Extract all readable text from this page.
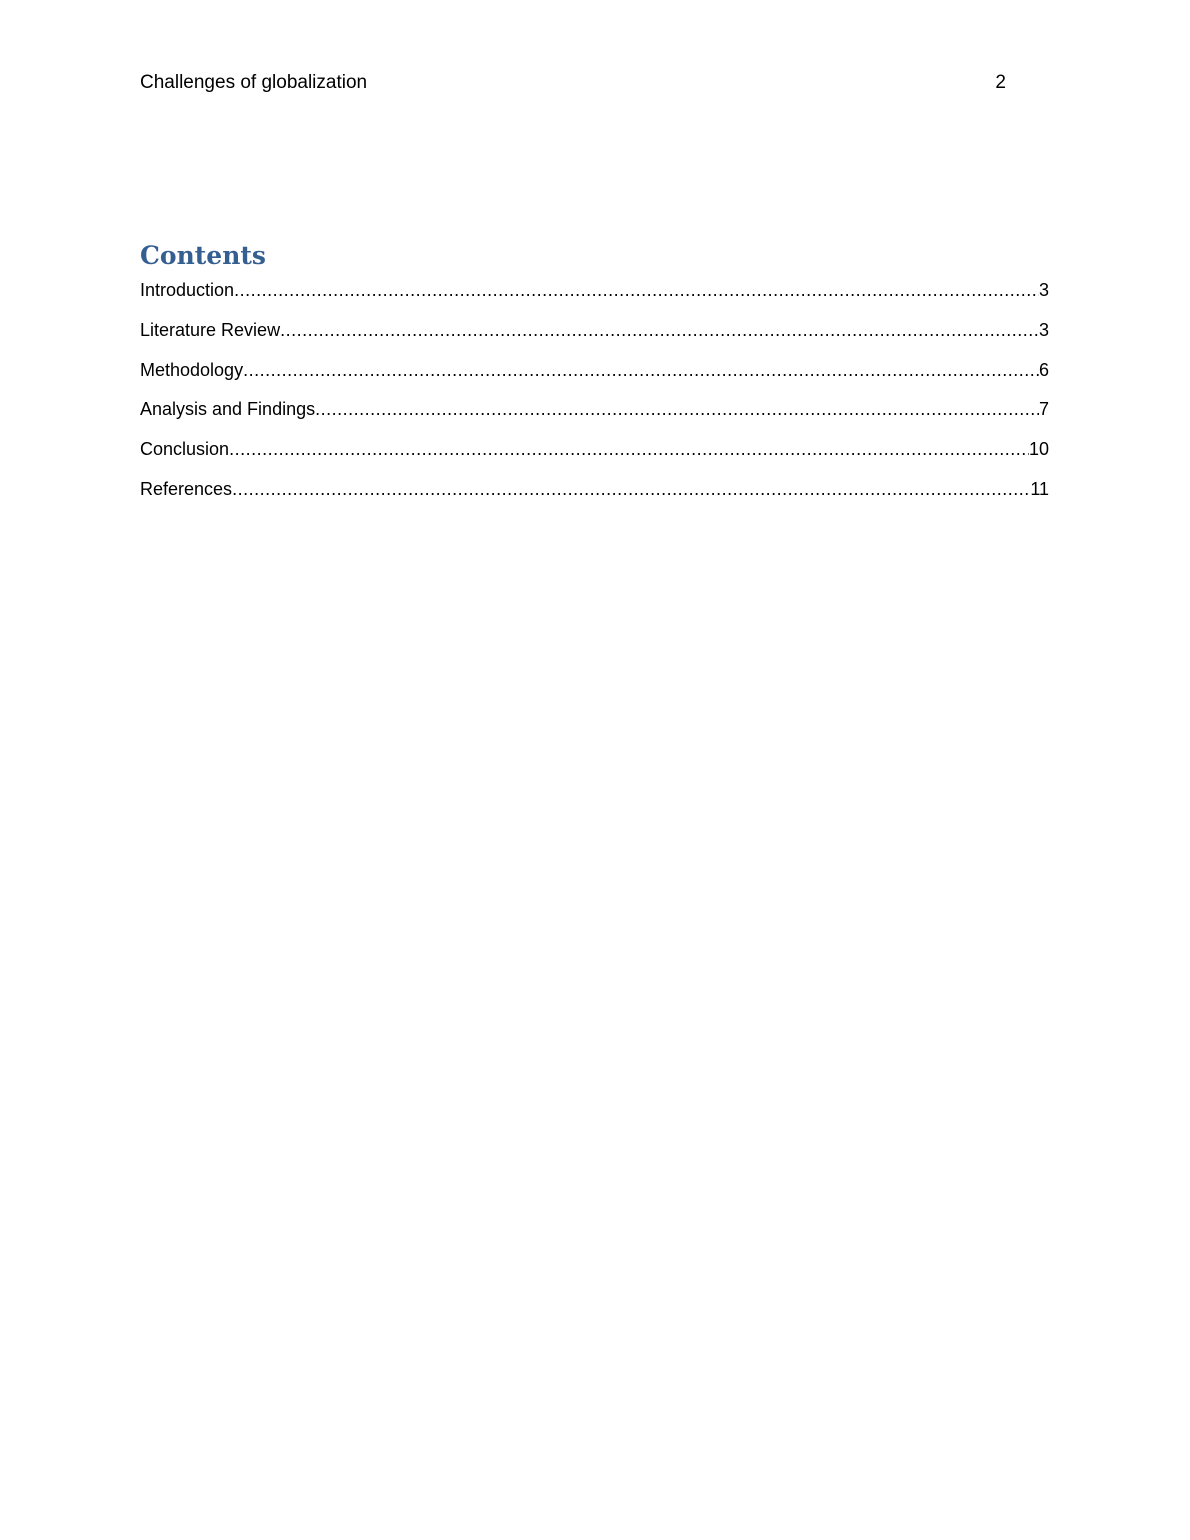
Challenges of globalization	2
Contents
Introduction .....	3
Literature Review .....	3
Methodology .....	6
Analysis and Findings .....	7
Conclusion .....	10
References .....	11
